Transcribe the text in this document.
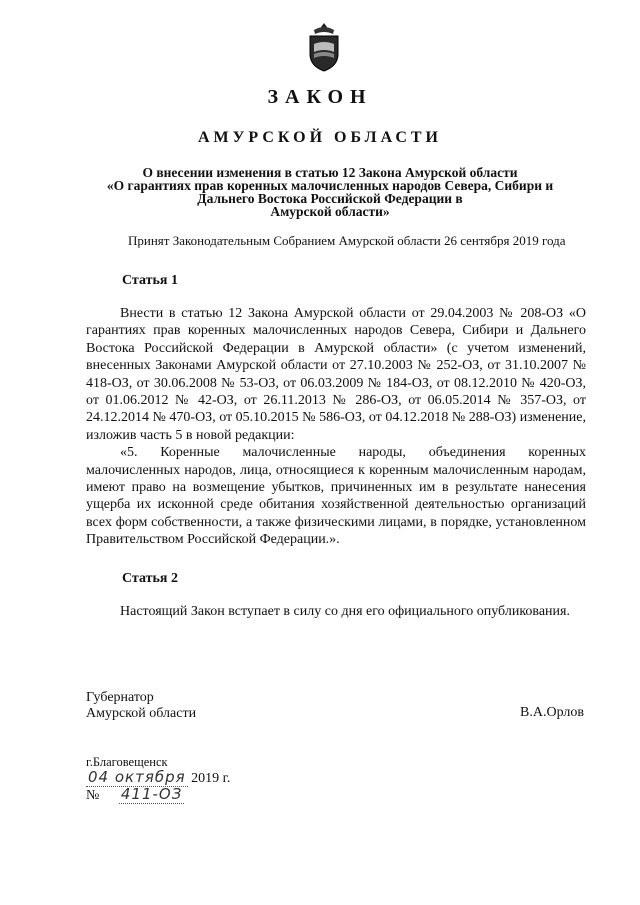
ЗАКОН
АМУРСКОЙ ОБЛАСТИ
О внесении изменения в статью 12 Закона Амурской области
«О гарантиях прав коренных малочисленных народов Севера, Сибири и
Дальнего Востока Российской Федерации в
Амурской области»
Принят Законодательным Собранием Амурской области 26 сентября 2019 года
Статья 1

Внести в статью 12 Закона Амурской области от 29.04.2003 № 208-ОЗ «О гарантиях прав коренных малочисленных народов Севера, Сибири и Дальнего Востока Российской Федерации в Амурской области» (с учетом изменений, внесенных Законами Амурской области от 27.10.2003 № 252-ОЗ, от 31.10.2007 № 418-ОЗ, от 30.06.2008 № 53-ОЗ, от 06.03.2009 № 184-ОЗ, от 08.12.2010 № 420-ОЗ, от 01.06.2012 № 42-ОЗ, от 26.11.2013 № 286-ОЗ, от 06.05.2014 № 357-ОЗ, от 24.12.2014 № 470-ОЗ, от 05.10.2015 № 586-ОЗ, от 04.12.2018 № 288-ОЗ) изменение, изложив часть 5 в новой редакции:

«5. Коренные малочисленные народы, объединения коренных малочисленных народов, лица, относящиеся к коренным малочисленным народам, имеют право на возмещение убытков, причиненных им в результате нанесения ущерба их исконной среде обитания хозяйственной деятельностью организаций всех форм собственности, а также физическими лицами, в порядке, установленном Правительством Российской Федерации.».

Статья 2

Настоящий Закон вступает в силу со дня его официального опубликования.

Губернатор
Амурской области	В.А.Орлов
г.Благовещенск
04 октября 2019 г.
№ 411-ОЗ
